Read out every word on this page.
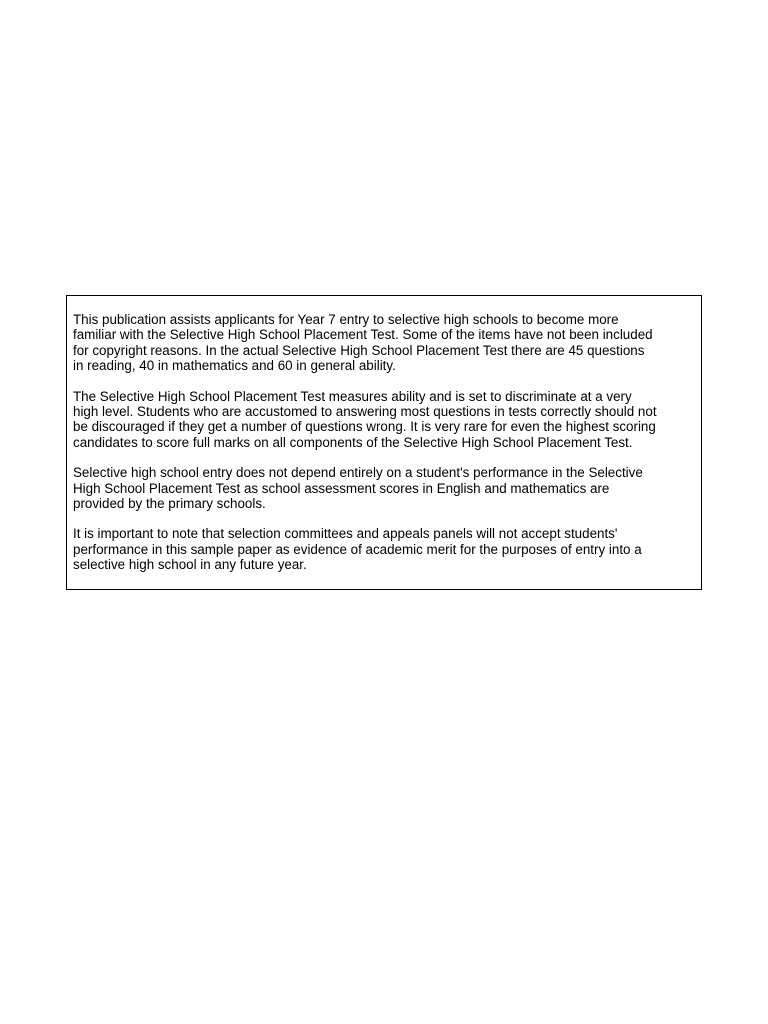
This publication assists applicants for Year 7 entry to selective high schools to become more
familiar with the Selective High School Placement Test. Some of the items have not been included
for copyright reasons. In the actual Selective High School Placement Test there are 45 questions
in reading, 40 in mathematics and 60 in general ability.

The Selective High School Placement Test measures ability and is set to discriminate at a very
high level. Students who are accustomed to answering most questions in tests correctly should not
be discouraged if they get a number of questions wrong. It is very rare for even the highest scoring
candidates to score full marks on all components of the Selective High School Placement Test.

Selective high school entry does not depend entirely on a student's performance in the Selective
High School Placement Test as school assessment scores in English and mathematics are
provided by the primary schools.

It is important to note that selection committees and appeals panels will not accept students'
performance in this sample paper as evidence of academic merit for the purposes of entry into a
selective high school in any future year.
